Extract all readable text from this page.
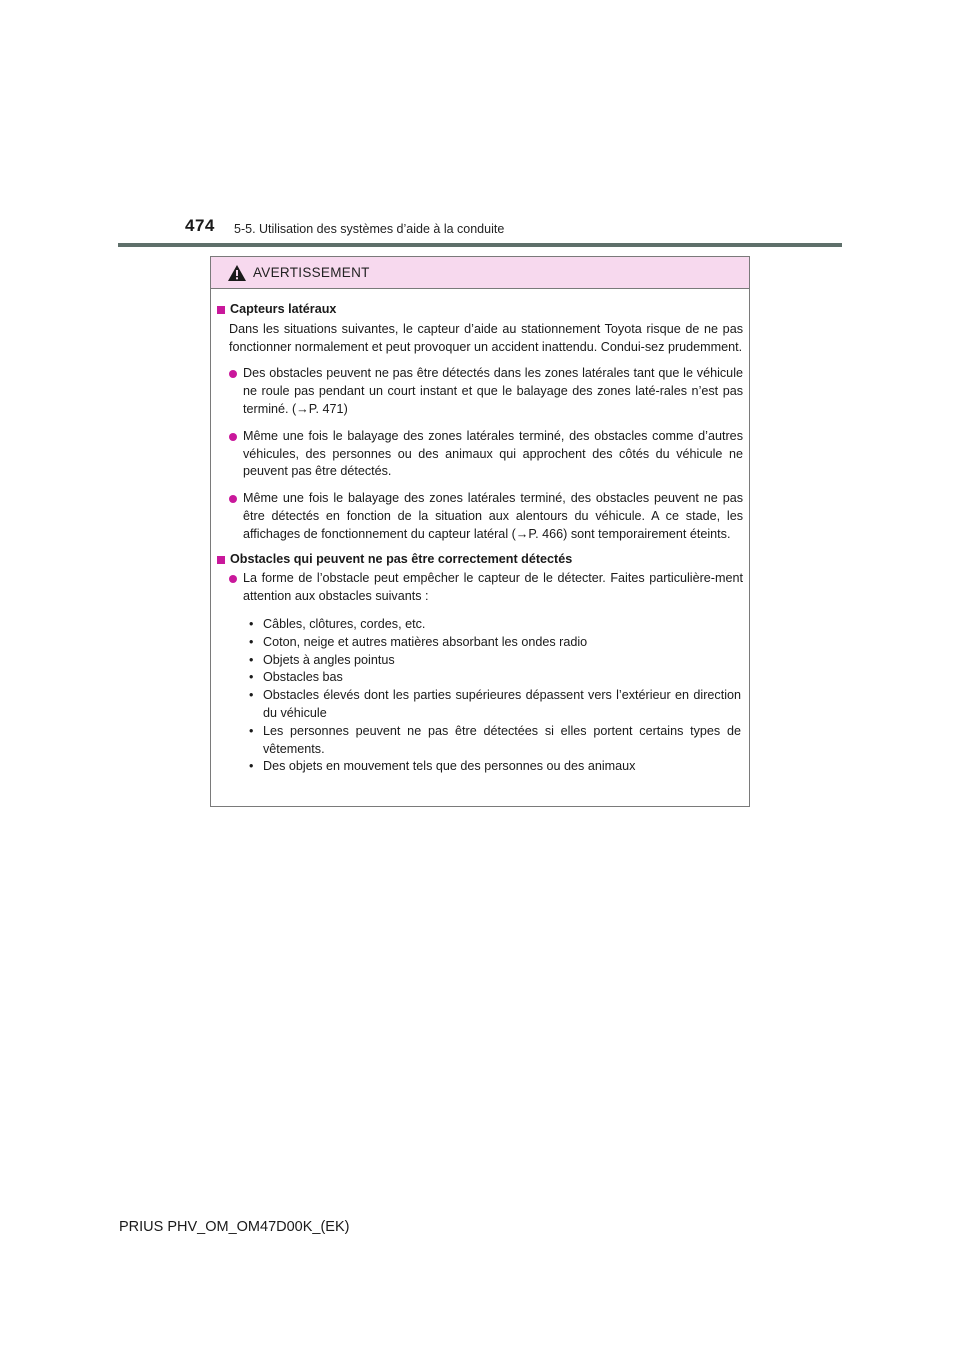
474 5-5. Utilisation des systèmes d’aide à la conduite
AVERTISSEMENT
Capteurs latéraux

Dans les situations suivantes, le capteur d’aide au stationnement Toyota risque de ne pas fonctionner normalement et peut provoquer un accident inattendu. Condui-sez prudemment.

Des obstacles peuvent ne pas être détectés dans les zones latérales tant que le véhicule ne roule pas pendant un court instant et que le balayage des zones laté-rales n’est pas terminé. (→P. 471)
Même une fois le balayage des zones latérales terminé, des obstacles comme d’autres véhicules, des personnes ou des animaux qui approchent des côtés du véhicule ne peuvent pas être détectés.
Même une fois le balayage des zones latérales terminé, des obstacles peuvent ne pas être détectés en fonction de la situation aux alentours du véhicule. A ce stade, les affichages de fonctionnement du capteur latéral (→P. 466) sont temporairement éteints.
Obstacles qui peuvent ne pas être correctement détectés
La forme de l’obstacle peut empêcher le capteur de le détecter. Faites particulière-ment attention aux obstacles suivants :
• Câbles, clôtures, cordes, etc.
• Coton, neige et autres matières absorbant les ondes radio
• Objets à angles pointus
• Obstacles bas
• Obstacles élevés dont les parties supérieures dépassent vers l’extérieur en direction du véhicule
• Les personnes peuvent ne pas être détectées si elles portent certains types de vêtements.
• Des objets en mouvement tels que des personnes ou des animaux
PRIUS PHV_OM_OM47D00K_(EK)
